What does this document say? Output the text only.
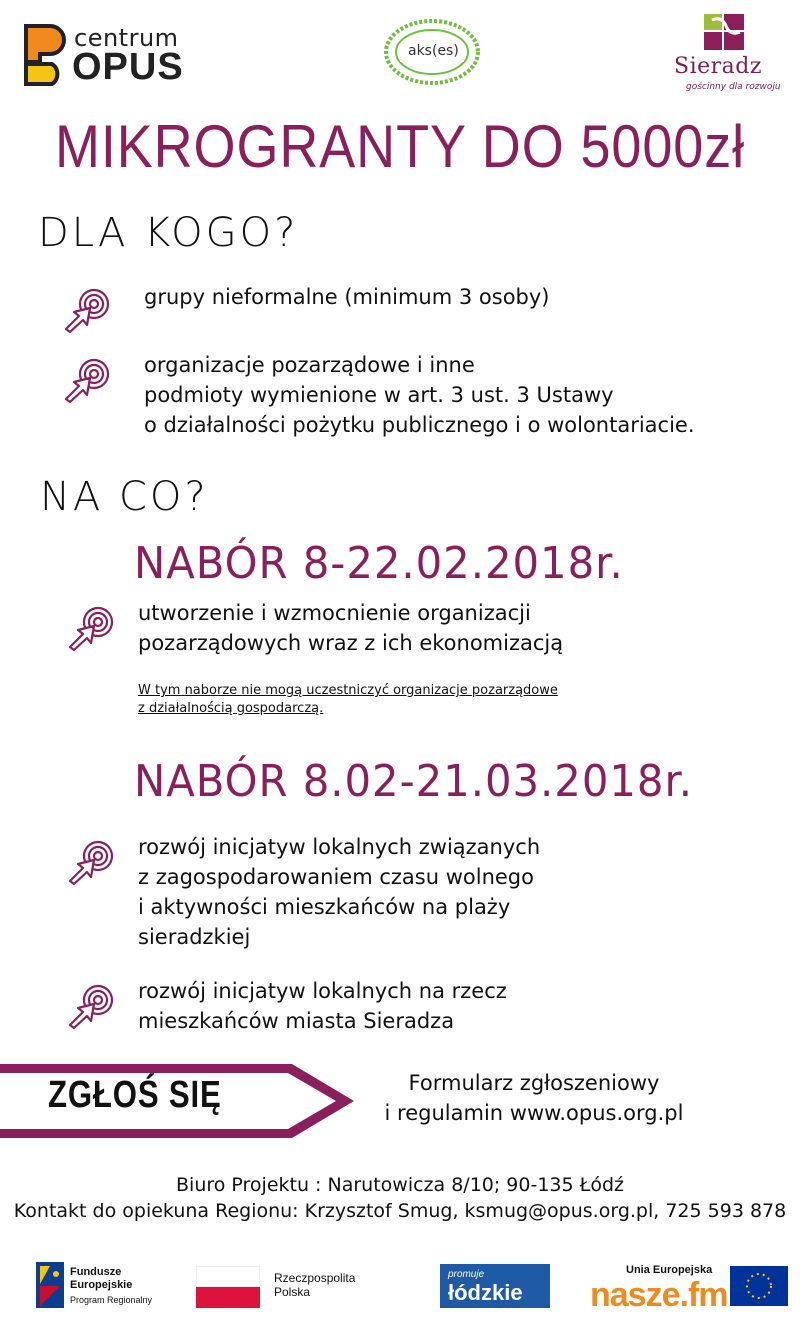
centrum
OPUS	aks(es)
Sieradz
gościnny dla rozwoju
MIKROGRANTY DO 5000zł
DLA KOGO?
grupy nieformalne (minimum 3 osoby)
organizacje pozarządowe i inne
podmioty wymienione w art. 3 ust. 3 Ustawy
o działalności pożytku publicznego i o wolontariacie.
NA CO?
NABÓR 8-22.02.2018r.
utworzenie i wzmocnienie organizacji
pozarządowych wraz z ich ekonomizacją
W tym naborze nie mogą uczestniczyć organizacje pozarządowe
z działalnością gospodarczą.
NABÓR 8.02-21.03.2018r.
rozwój inicjatyw lokalnych związanych
z zagospodarowaniem czasu wolnego
i aktywności mieszkańców na plaży
sieradzkiej
rozwój inicjatyw lokalnych na rzecz
mieszkańców miasta Sieradza
ZGŁOŚ SIĘ	Formularz zgłoszeniowy
i regulamin www.opus.org.pl
Biuro Projektu : Narutowicza 8/10; 90-135 Łódź
Kontakt do opiekuna Regionu: Krzysztof Smug, ksmug@opus.org.pl, 725 593 878
Fundusze
Europejskie
Program Regionalny
Rzeczpospolita
Polska
promuje
łódzkie
Unia Europejska
nasze.fm
